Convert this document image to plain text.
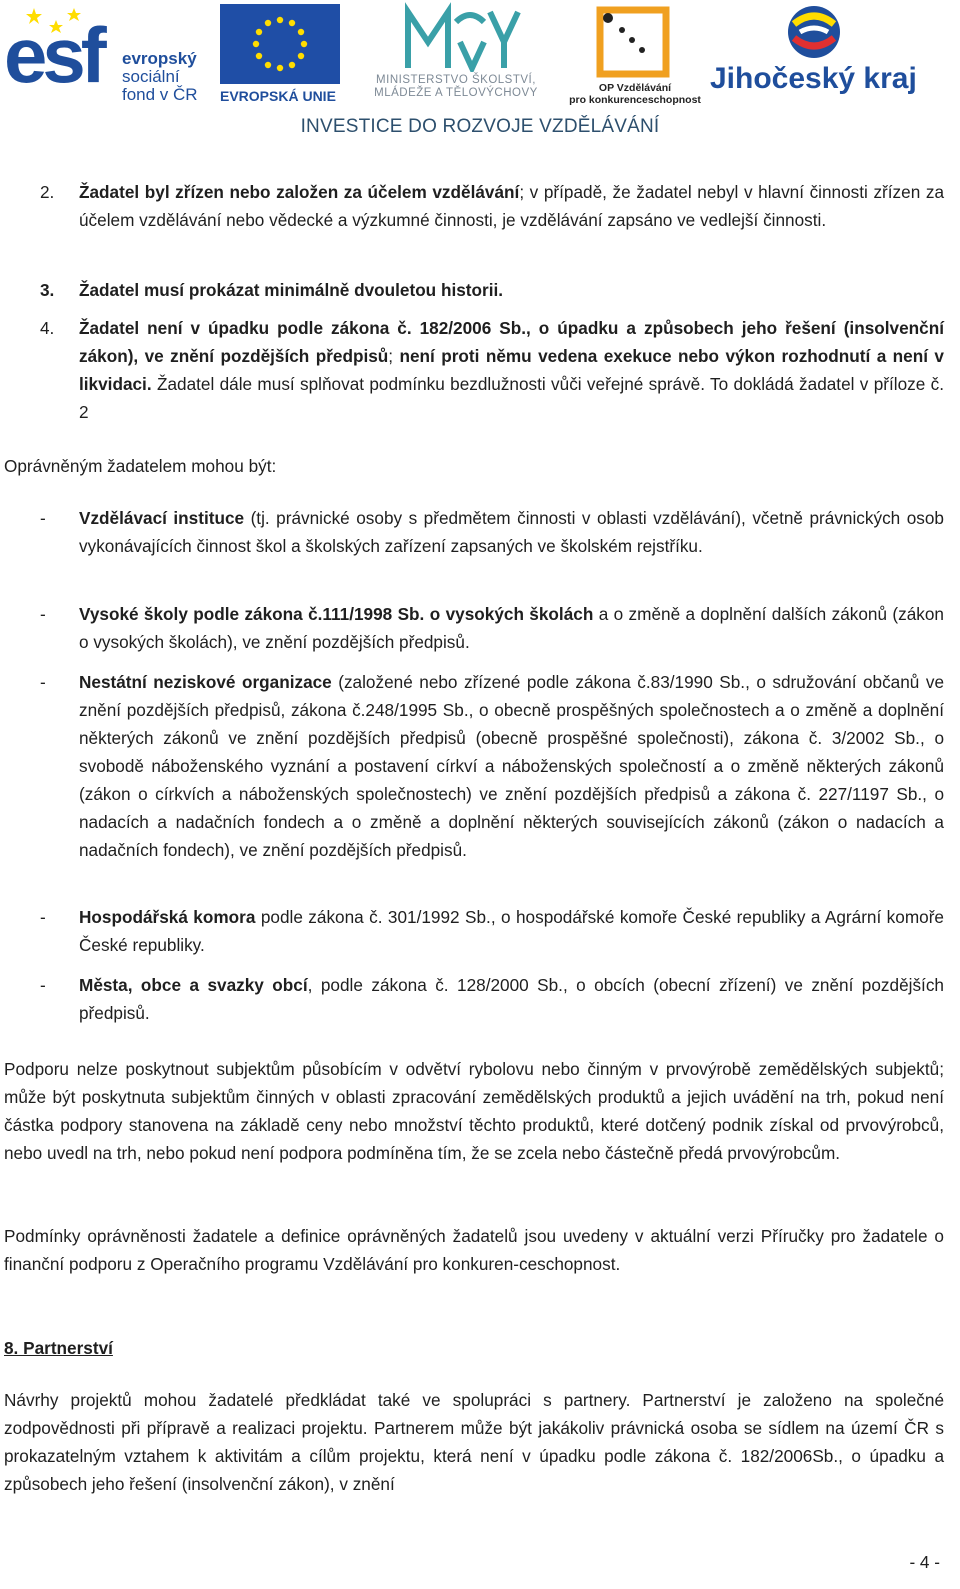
esf evropský
sociální
fond v ČR EVROPSKÁ UNIE
MINISTERSTVO ŠKOLSTVÍ,
MLÁDEŽE A TĚLOVÝCHOVY	OP Vzdělávání
pro konkurenceschopnost
Jihočeský kraj
INVESTICE DO ROZVOJE VZDĚLÁVÁNÍ
2. Žadatel byl zřízen nebo založen za účelem vzdělávání; v případě, že žadatel nebyl v hlavní činnosti zřízen za účelem vzdělávání nebo vědecké a výzkumné činnosti, je vzdělávání zapsáno ve vedlejší činnosti.
3. Žadatel musí prokázat minimálně dvouletou historii.
4. Žadatel není v úpadku podle zákona č. 182/2006 Sb., o úpadku a způsobech jeho řešení (insolvenční zákon), ve znění pozdějších předpisů; není proti němu vedena exekuce nebo výkon rozhodnutí a není v likvidaci. Žadatel dále musí splňovat podmínku bezdlužnosti vůči veřejné správě. To dokládá žadatel v příloze č. 2
Oprávněným žadatelem mohou být:
- Vzdělávací instituce (tj. právnické osoby s předmětem činnosti v oblasti vzdělávání), včetně právnických osob vykonávajících činnost škol a školských zařízení zapsaných ve školském rejstříku.
- Vysoké školy podle zákona č.111/1998 Sb. o vysokých školách a o změně a doplnění dalších zákonů (zákon o vysokých školách), ve znění pozdějších předpisů.
- Nestátní neziskové organizace (založené nebo zřízené podle zákona č.83/1990 Sb., o sdružování občanů ve znění pozdějších předpisů, zákona č.248/1995 Sb., o obecně prospěšných společnostech a o změně a doplnění některých zákonů ve znění pozdějších předpisů (obecně prospěšné společnosti), zákona č. 3/2002 Sb., o svobodě náboženského vyznání a postavení církví a náboženských společností a o změně některých zákonů (zákon o církvích a náboženských společnostech) ve znění pozdějších předpisů a zákona č. 227/1197 Sb., o nadacích a nadačních fondech a o změně a doplnění některých souvisejících zákonů (zákon o nadacích a nadačních fondech), ve znění pozdějších předpisů.
- Hospodářská komora podle zákona č. 301/1992 Sb., o hospodářské komoře České republiky a Agrární komoře České republiky.
- Města, obce a svazky obcí, podle zákona č. 128/2000 Sb., o obcích (obecní zřízení) ve znění pozdějších předpisů.
Podporu nelze poskytnout subjektům působícím v odvětví rybolovu nebo činným v prvovýrobě zemědělských subjektů; může být poskytnuta subjektům činných v oblasti zpracování zemědělských produktů a jejich uvádění na trh, pokud není částka podpory stanovena na základě ceny nebo množství těchto produktů, které dotčený podnik získal od prvovýrobců, nebo uvedl na trh, nebo pokud není podpora podmíněna tím, že se zcela nebo částečně předá prvovýrobcům.
Podmínky oprávněnosti žadatele a definice oprávněných žadatelů jsou uvedeny v aktuální verzi Příručky pro žadatele o finanční podporu z Operačního programu Vzdělávání pro konkuren-ceschopnost.
8. Partnerství
Návrhy projektů mohou žadatelé předkládat také ve spolupráci s partnery. Partnerství je založeno na společné zodpovědnosti při přípravě a realizaci projektu. Partnerem může být jakákoliv právnická osoba se sídlem na území ČR s prokazatelným vztahem k aktivitám a cílům projektu, která není v úpadku podle zákona č. 182/2006Sb., o úpadku a způsobech jeho řešení (insolvenční zákon), v znění
- 4 -
